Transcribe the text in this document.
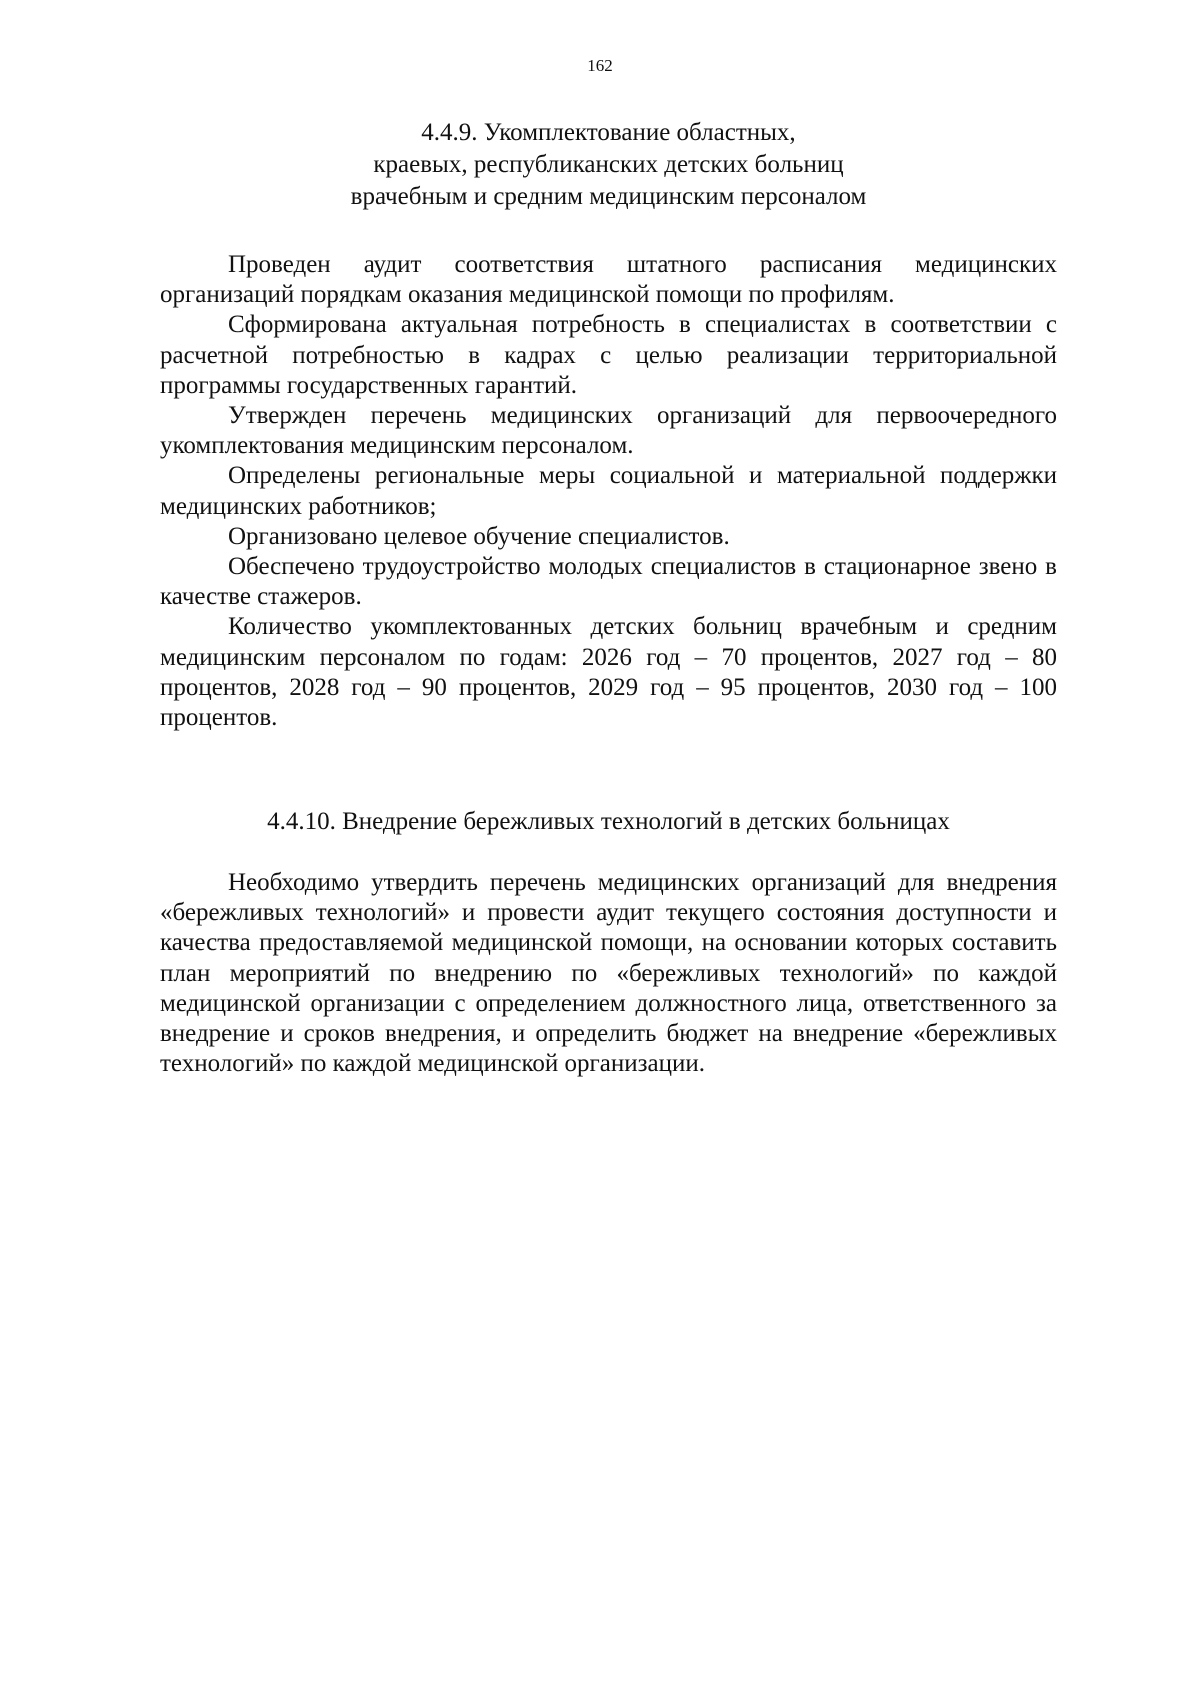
162
4.4.9. Укомплектование областных,
краевых, республиканских детских больниц
врачебным и средним медицинским персоналом

Проведен аудит соответствия штатного расписания медицинских организаций порядкам оказания медицинской помощи по профилям.

Сформирована актуальная потребность в специалистах в соответствии с расчетной потребностью в кадрах с целью реализации территориальной программы государственных гарантий.

Утвержден перечень медицинских организаций для первоочередного укомплектования медицинским персоналом.

Определены региональные меры социальной и материальной поддержки медицинских работников;

Организовано целевое обучение специалистов.

Обеспечено трудоустройство молодых специалистов в стационарное звено в качестве стажеров.

Количество укомплектованных детских больниц врачебным и средним медицинским персоналом по годам: 2026 год – 70 процентов, 2027 год – 80 процентов, 2028 год – 90 процентов, 2029 год – 95 процентов, 2030 год – 100 процентов.

4.4.10. Внедрение бережливых технологий в детских больницах

Необходимо утвердить перечень медицинских организаций для внедрения «бережливых технологий» и провести аудит текущего состояния доступности и качества предоставляемой медицинской помощи, на основании которых составить план мероприятий по внедрению по «бережливых технологий» по каждой медицинской организации с определением должностного лица, ответственного за внедрение и сроков внедрения, и определить бюджет на внедрение «бережливых технологий» по каждой медицинской организации.
